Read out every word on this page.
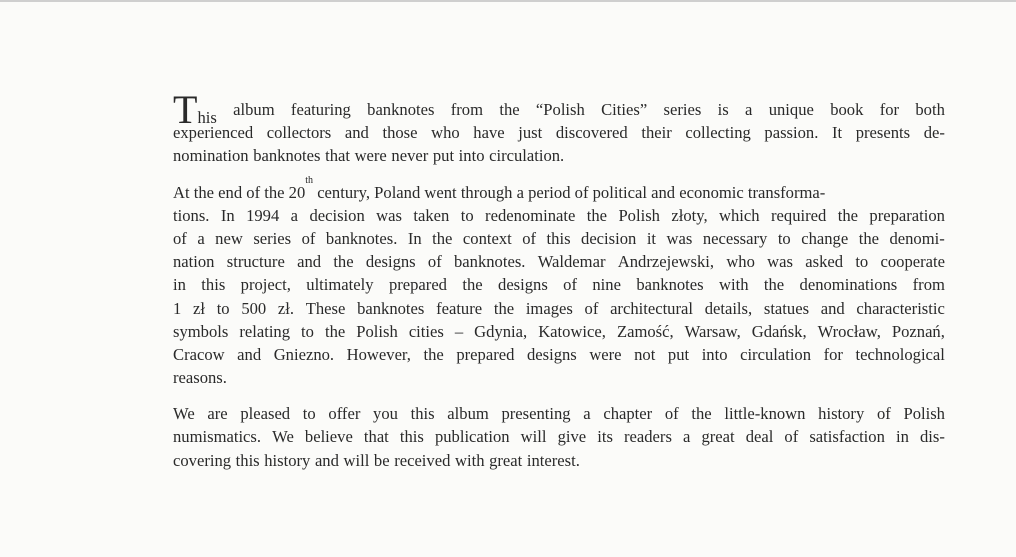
This album featuring banknotes from the “Polish Cities” series is a unique book for both
experienced collectors and those who have just discovered their collecting passion. It presents de-
nomination banknotes that were never put into circulation.
At the end of the 20
th
century, Poland went through a period of political and economic transforma-
tions. In 1994 a decision was taken to redenominate the Polish złoty, which required the preparation
of a new series of banknotes. In the context of this decision it was necessary to change the denomi-
nation structure and the designs of banknotes. Waldemar Andrzejewski, who was asked to cooperate
in this project, ultimately prepared the designs of nine banknotes with the denominations from
1 zł to 500 zł. These banknotes feature the images of architectural details, statues and characteristic
symbols relating to the Polish cities – Gdynia, Katowice, Zamość, Warsaw, Gdańsk, Wrocław, Poznań,
Cracow and Gniezno. However, the prepared designs were not put into circulation for technological
reasons.
We are pleased to offer you this album presenting a chapter of the little-known history of Polish
numismatics. We believe that this publication will give its readers a great deal of satisfaction in dis-
covering this history and will be received with great interest.
